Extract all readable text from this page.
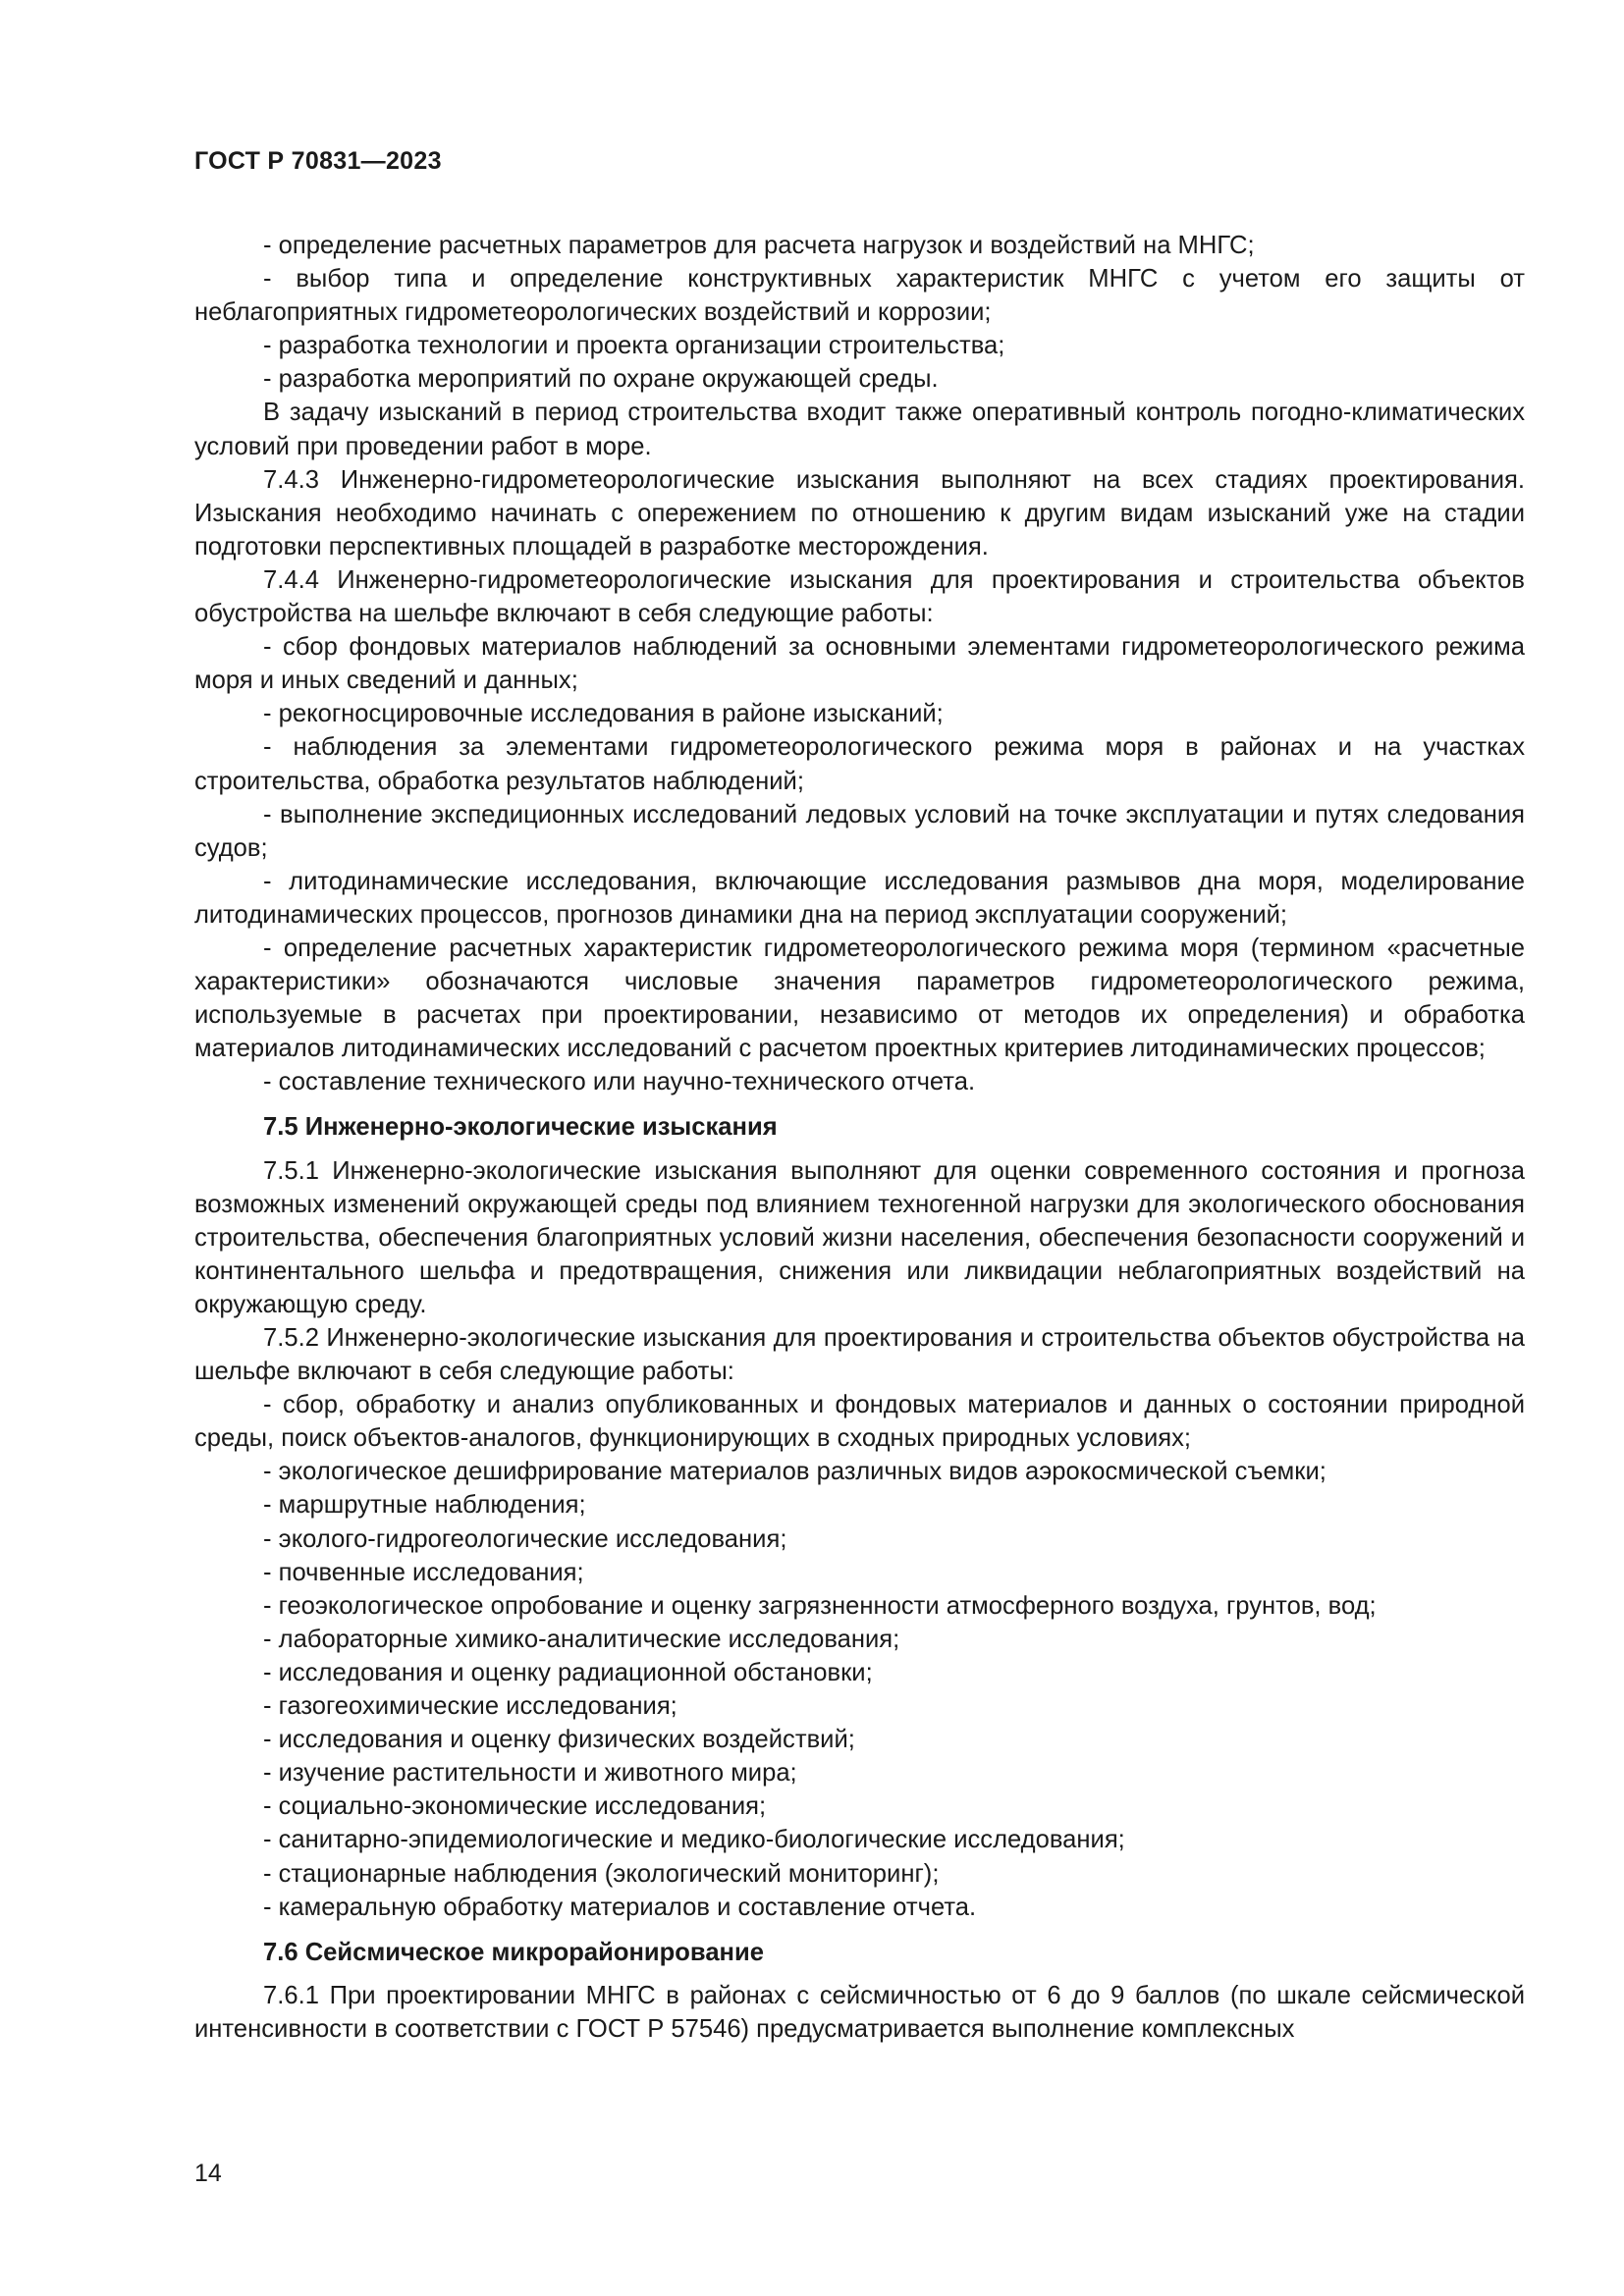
ГОСТ Р 70831—2023

- определение расчетных параметров для расчета нагрузок и воздействий на МНГС;

- выбор типа и определение конструктивных характеристик МНГС с учетом его защиты от неблагоприятных гидрометеорологических воздействий и коррозии;

- разработка технологии и проекта организации строительства;

- разработка мероприятий по охране окружающей среды.

В задачу изысканий в период строительства входит также оперативный контроль погодно-климатических условий при проведении работ в море.

7.4.3 Инженерно-гидрометеорологические изыскания выполняют на всех стадиях проектирования. Изыскания необходимо начинать с опережением по отношению к другим видам изысканий уже на стадии подготовки перспективных площадей в разработке месторождения.

7.4.4 Инженерно-гидрометеорологические изыскания для проектирования и строительства объектов обустройства на шельфе включают в себя следующие работы:

- сбор фондовых материалов наблюдений за основными элементами гидрометеорологического режима моря и иных сведений и данных;

- рекогносцировочные исследования в районе изысканий;

- наблюдения за элементами гидрометеорологического режима моря в районах и на участках строительства, обработка результатов наблюдений;

- выполнение экспедиционных исследований ледовых условий на точке эксплуатации и путях следования судов;

- литодинамические исследования, включающие исследования размывов дна моря, моделирование литодинамических процессов, прогнозов динамики дна на период эксплуатации сооружений;

- определение расчетных характеристик гидрометеорологического режима моря (термином «расчетные характеристики» обозначаются числовые значения параметров гидрометеорологического режима, используемые в расчетах при проектировании, независимо от методов их определения) и обработка материалов литодинамических исследований с расчетом проектных критериев литодинамических процессов;

- составление технического или научно-технического отчета.

7.5 Инженерно-экологические изыскания

7.5.1 Инженерно-экологические изыскания выполняют для оценки современного состояния и прогноза возможных изменений окружающей среды под влиянием техногенной нагрузки для экологического обоснования строительства, обеспечения благоприятных условий жизни населения, обеспечения безопасности сооружений и континентального шельфа и предотвращения, снижения или ликвидации неблагоприятных воздействий на окружающую среду.

7.5.2 Инженерно-экологические изыскания для проектирования и строительства объектов обустройства на шельфе включают в себя следующие работы:

- сбор, обработку и анализ опубликованных и фондовых материалов и данных о состоянии природной среды, поиск объектов-аналогов, функционирующих в сходных природных условиях;

- экологическое дешифрирование материалов различных видов аэрокосмической съемки;

- маршрутные наблюдения;

- эколого-гидрогеологические исследования;

- почвенные исследования;

- геоэкологическое опробование и оценку загрязненности атмосферного воздуха, грунтов, вод;

- лабораторные химико-аналитические исследования;

- исследования и оценку радиационной обстановки;

- газогеохимические исследования;

- исследования и оценку физических воздействий;

- изучение растительности и животного мира;

- социально-экономические исследования;

- санитарно-эпидемиологические и медико-биологические исследования;

- стационарные наблюдения (экологический мониторинг);

- камеральную обработку материалов и составление отчета.

7.6 Сейсмическое микрорайонирование

7.6.1 При проектировании МНГС в районах с сейсмичностью от 6 до 9 баллов (по шкале сейсмической интенсивности в соответствии с ГОСТ Р 57546) предусматривается выполнение комплексных

14
